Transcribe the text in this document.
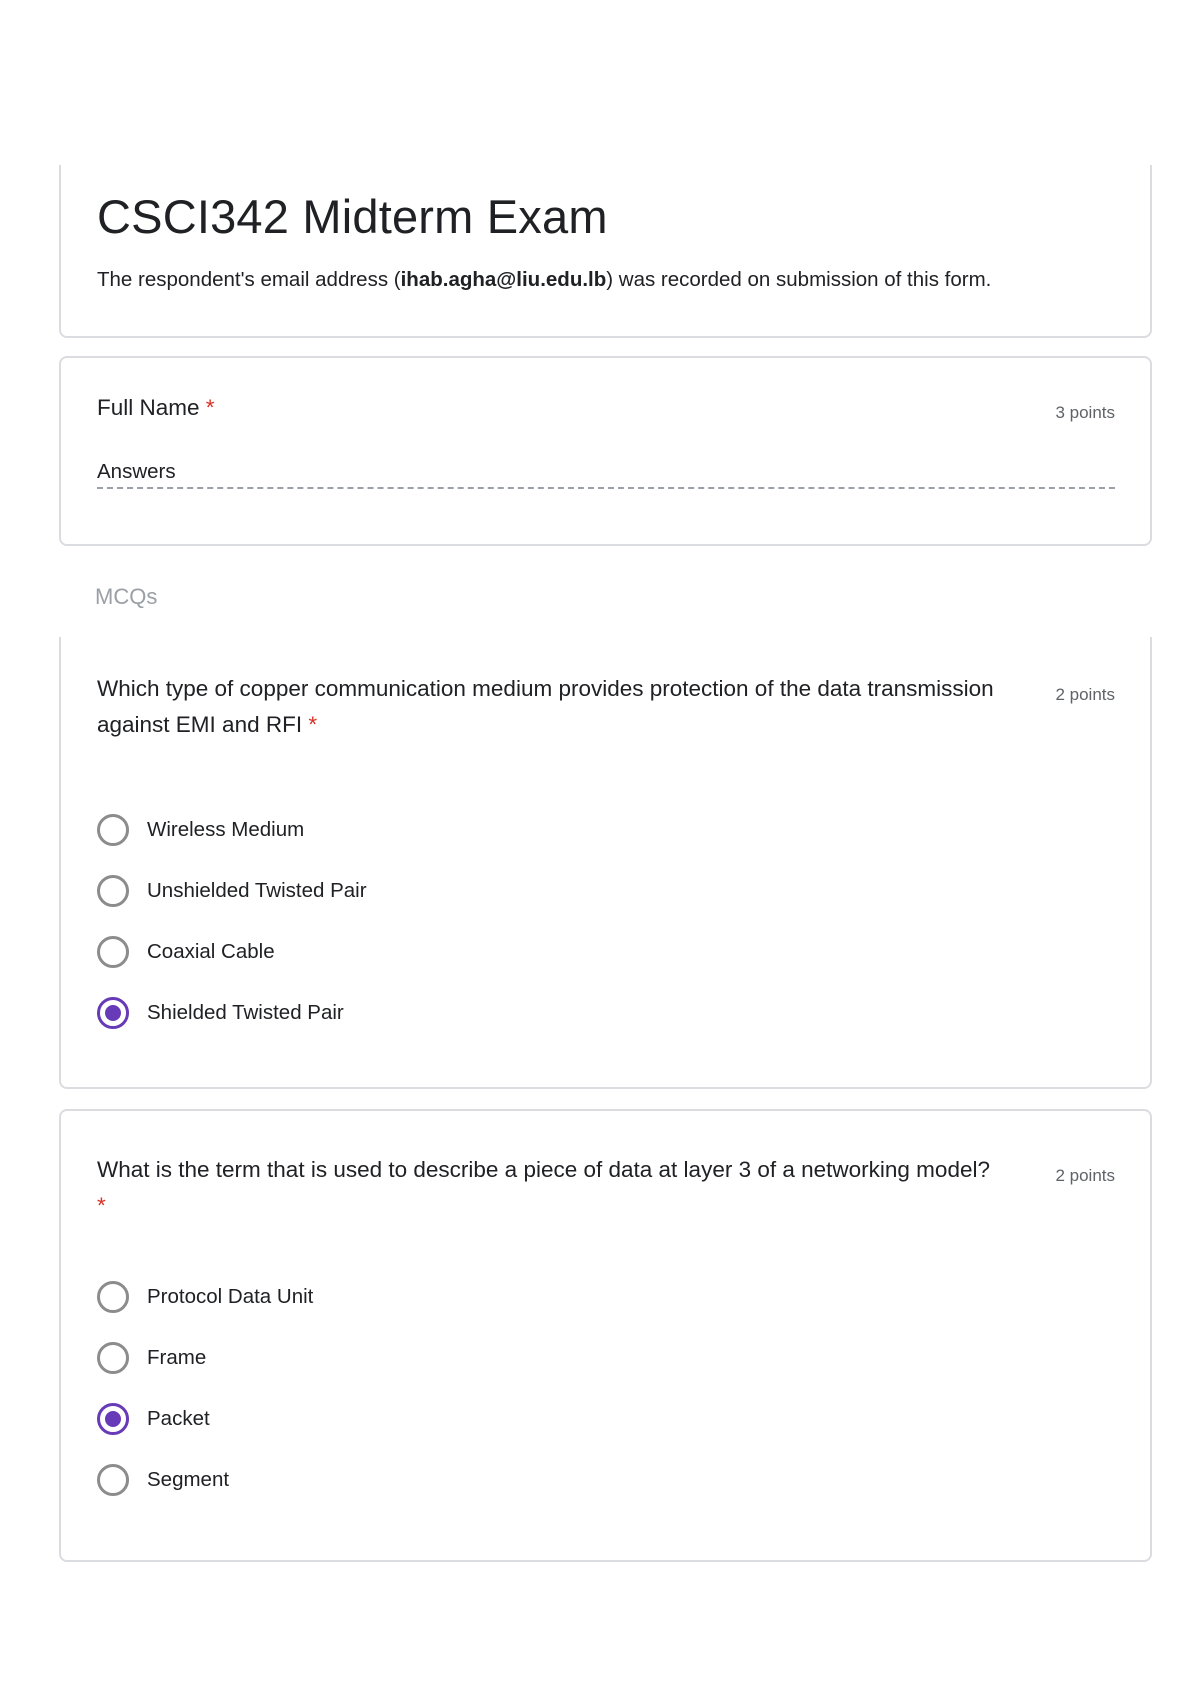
CSCI342 Midterm Exam
The respondent's email address (ihab.agha@liu.edu.lb) was recorded on submission of this form.
Full Name *	3 points
Answers
MCQs
Which type of copper communication medium provides protection of the data transmission against EMI and RFI *
2 points
Wireless Medium
Unshielded Twisted Pair
Coaxial Cable
Shielded Twisted Pair
What is the term that is used to describe a piece of data at layer 3 of a networking model? *
2 points
Protocol Data Unit
Frame
Packet
Segment
